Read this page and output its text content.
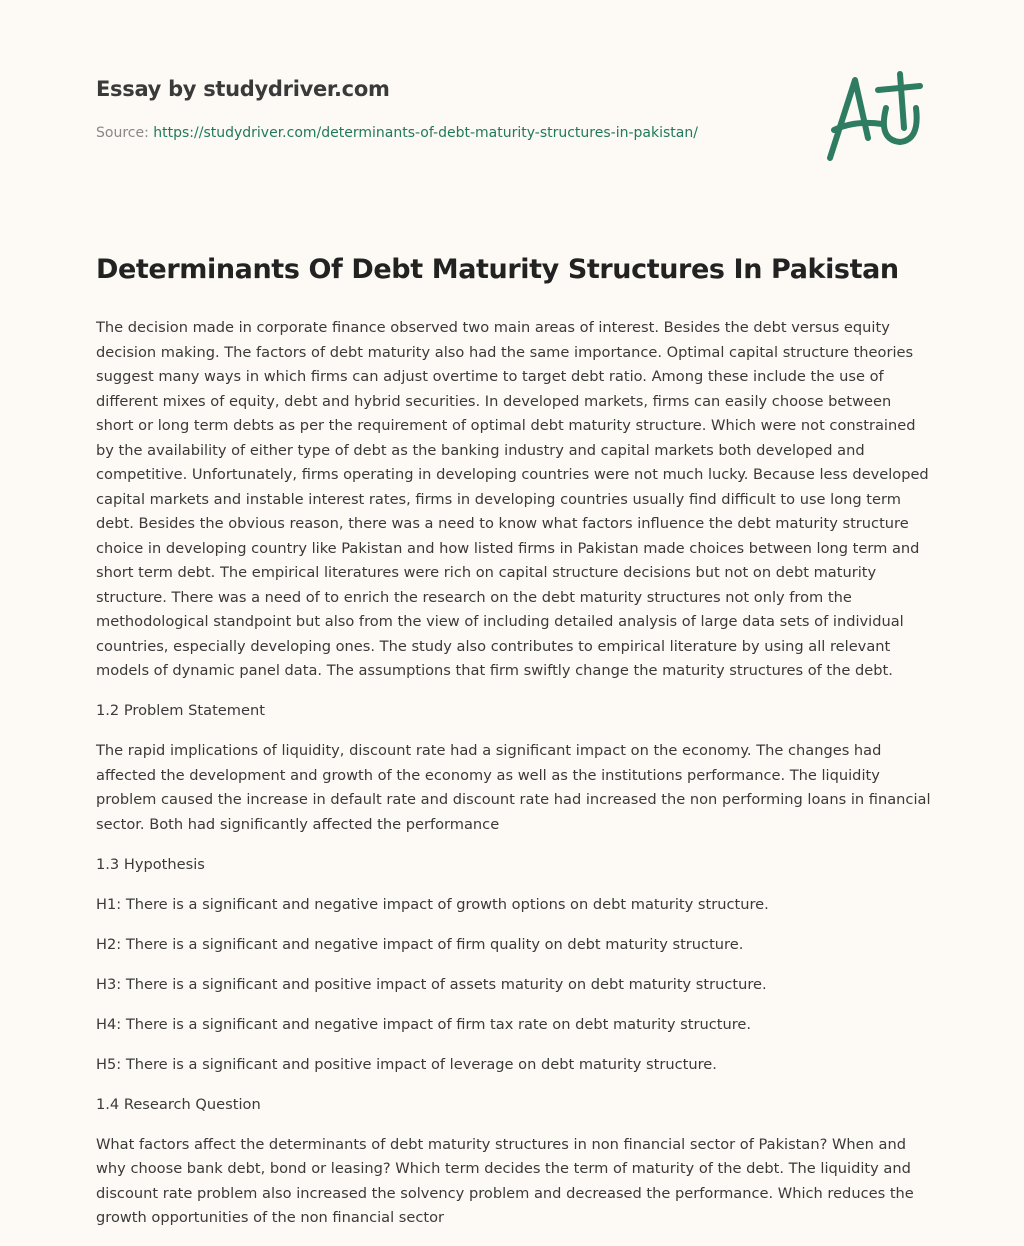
Essay by studydriver.com
Source: https://studydriver.com/determinants-of-debt-maturity-structures-in-pakistan/
Determinants Of Debt Maturity Structures In Pakistan

The decision made in corporate finance observed two main areas of interest. Besides the debt versus equity decision making. The factors of debt maturity also had the same importance. Optimal capital structure theories suggest many ways in which firms can adjust overtime to target debt ratio. Among these include the use of different mixes of equity, debt and hybrid securities. In developed markets, firms can easily choose between short or long term debts as per the requirement of optimal debt maturity structure. Which were not constrained by the availability of either type of debt as the banking industry and capital markets both developed and competitive. Unfortunately, firms operating in developing countries were not much lucky. Because less developed capital markets and instable interest rates, firms in developing countries usually find difficult to use long term debt. Besides the obvious reason, there was a need to know what factors influence the debt maturity structure choice in developing country like Pakistan and how listed firms in Pakistan made choices between long term and short term debt. The empirical literatures were rich on capital structure decisions but not on debt maturity structure. There was a need of to enrich the research on the debt maturity structures not only from the methodological standpoint but also from the view of including detailed analysis of large data sets of individual countries, especially developing ones. The study also contributes to empirical literature by using all relevant models of dynamic panel data. The assumptions that firm swiftly change the maturity structures of the debt.

1.2 Problem Statement

The rapid implications of liquidity, discount rate had a significant impact on the economy. The changes had affected the development and growth of the economy as well as the institutions performance. The liquidity problem caused the increase in default rate and discount rate had increased the non performing loans in financial sector. Both had significantly affected the performance

1.3 Hypothesis

H1: There is a significant and negative impact of growth options on debt maturity structure.

H2: There is a significant and negative impact of firm quality on debt maturity structure.

H3: There is a significant and positive impact of assets maturity on debt maturity structure.

H4: There is a significant and negative impact of firm tax rate on debt maturity structure.

H5: There is a significant and positive impact of leverage on debt maturity structure.

1.4 Research Question

What factors affect the determinants of debt maturity structures in non financial sector of Pakistan? When and why choose bank debt, bond or leasing? Which term decides the term of maturity of the debt. The liquidity and discount rate problem also increased the solvency problem and decreased the performance. Which reduces the growth opportunities of the non financial sector
